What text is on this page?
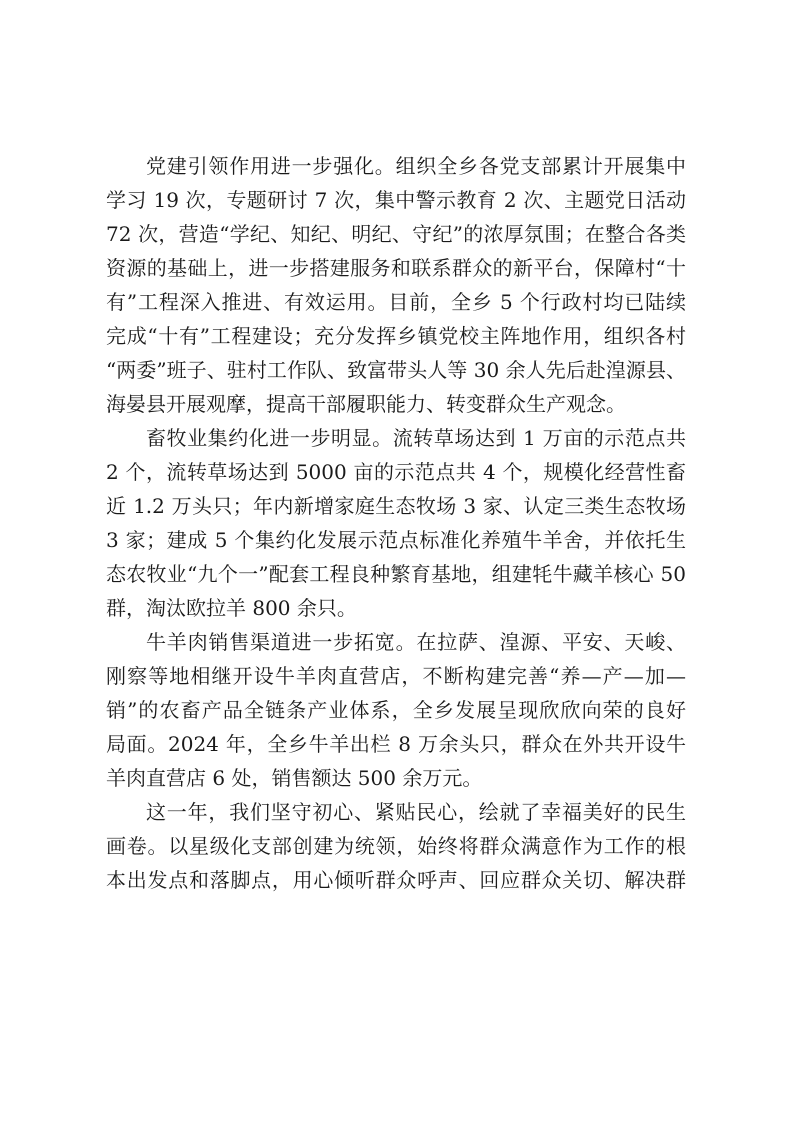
党建引领作用进一步强化。组织全乡各党支部累计开展集中
学习 19 次，专题研讨 7 次，集中警示教育 2 次、主题党日活动
72 次，营造“学纪、知纪、明纪、守纪”的浓厚氛围；在整合各类
资源的基础上，进一步搭建服务和联系群众的新平台，保障村“十
有”工程深入推进、有效运用。目前，全乡 5 个行政村均已陆续
完成“十有”工程建设；充分发挥乡镇党校主阵地作用，组织各村
“两委”班子、驻村工作队、致富带头人等 30 余人先后赴湟源县、
海晏县开展观摩，提高干部履职能力、转变群众生产观念。
畜牧业集约化进一步明显。流转草场达到 1 万亩的示范点共
2 个，流转草场达到 5000 亩的示范点共 4 个，规模化经营性畜
近 1.2 万头只；年内新增家庭生态牧场 3 家、认定三类生态牧场
3 家；建成 5 个集约化发展示范点标准化养殖牛羊舍，并依托生
态农牧业“九个一”配套工程良种繁育基地，组建牦牛藏羊核心 50
群，淘汰欧拉羊 800 余只。
牛羊肉销售渠道进一步拓宽。在拉萨、湟源、平安、天峻、
刚察等地相继开设牛羊肉直营店，不断构建完善“养—产—加—
销”的农畜产品全链条产业体系，全乡发展呈现欣欣向荣的良好
局面。2024 年，全乡牛羊出栏 8 万余头只，群众在外共开设牛
羊肉直营店 6 处，销售额达 500 余万元。
这一年，我们坚守初心、紧贴民心，绘就了幸福美好的民生
画卷。以星级化支部创建为统领，始终将群众满意作为工作的根
本出发点和落脚点，用心倾听群众呼声、回应群众关切、解决群
